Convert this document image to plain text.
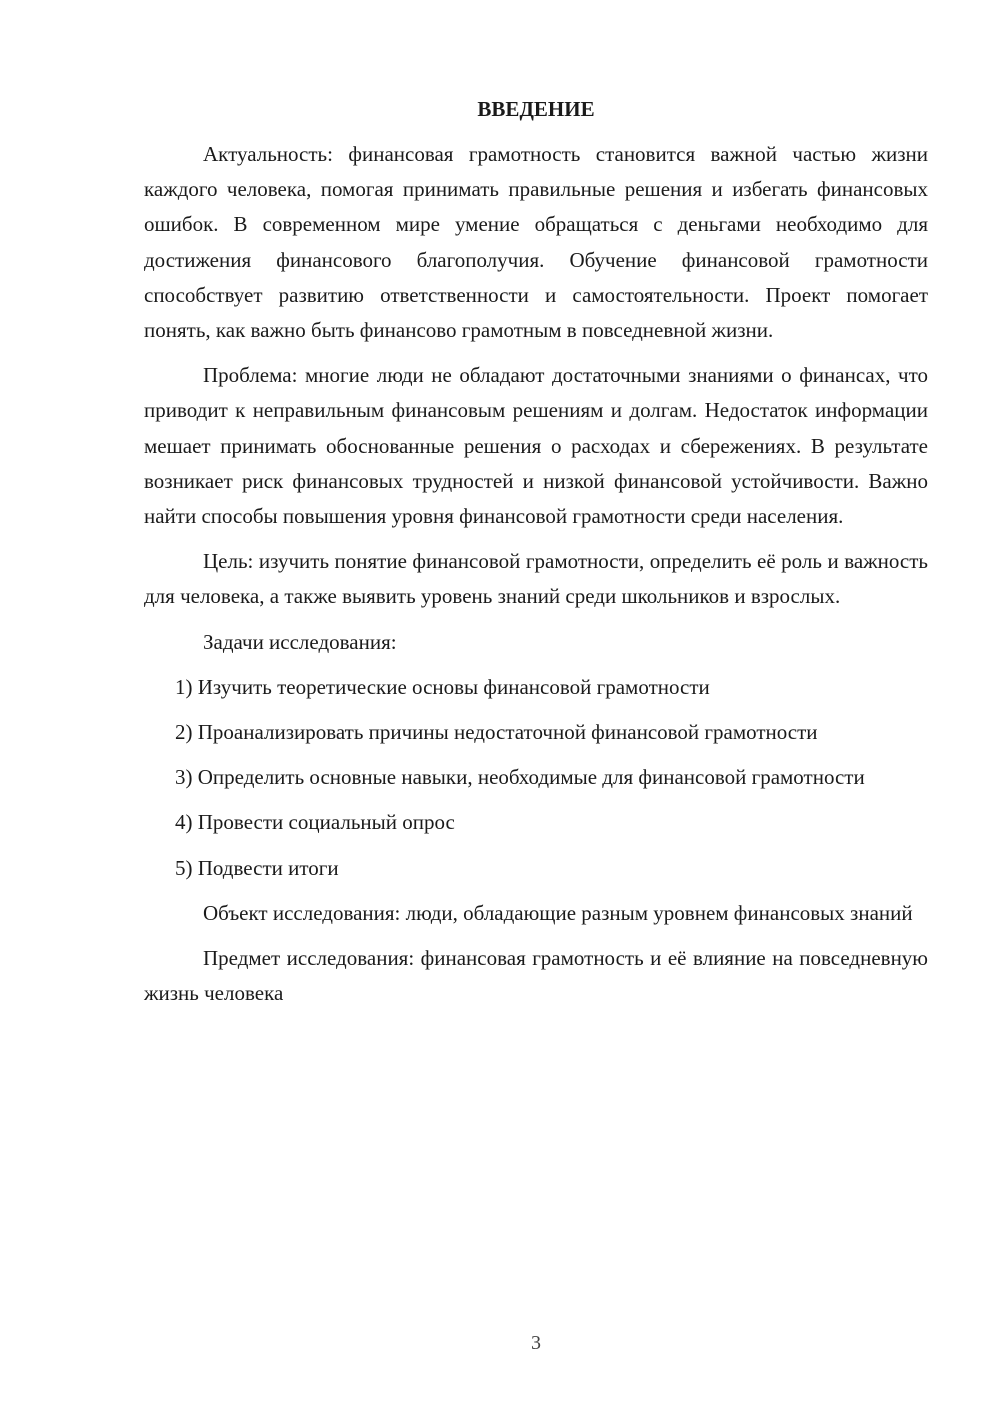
ВВЕДЕНИЕ

Актуальность: финансовая грамотность становится важной частью жизни каждого человека, помогая принимать правильные решения и избегать финансовых ошибок. В современном мире умение обращаться с деньгами необходимо для достижения финансового благополучия. Обучение финансовой грамотности способствует развитию ответственности и самостоятельности. Проект помогает понять, как важно быть финансово грамотным в повседневной жизни.

Проблема: многие люди не обладают достаточными знаниями о финансах, что приводит к неправильным финансовым решениям и долгам. Недостаток информации мешает принимать обоснованные решения о расходах и сбережениях. В результате возникает риск финансовых трудностей и низкой финансовой устойчивости. Важно найти способы повышения уровня финансовой грамотности среди населения.

Цель: изучить понятие финансовой грамотности, определить её роль и важность для человека, а также выявить уровень знаний среди школьников и взрослых.

Задачи исследования:

1) Изучить теоретические основы финансовой грамотности

2) Проанализировать причины недостаточной финансовой грамотности

3) Определить основные навыки, необходимые для финансовой грамотности

4) Провести социальный опрос

5) Подвести итоги

Объект исследования: люди, обладающие разным уровнем финансовых знаний

Предмет исследования: финансовая грамотность и её влияние на повседневную жизнь человека

3
